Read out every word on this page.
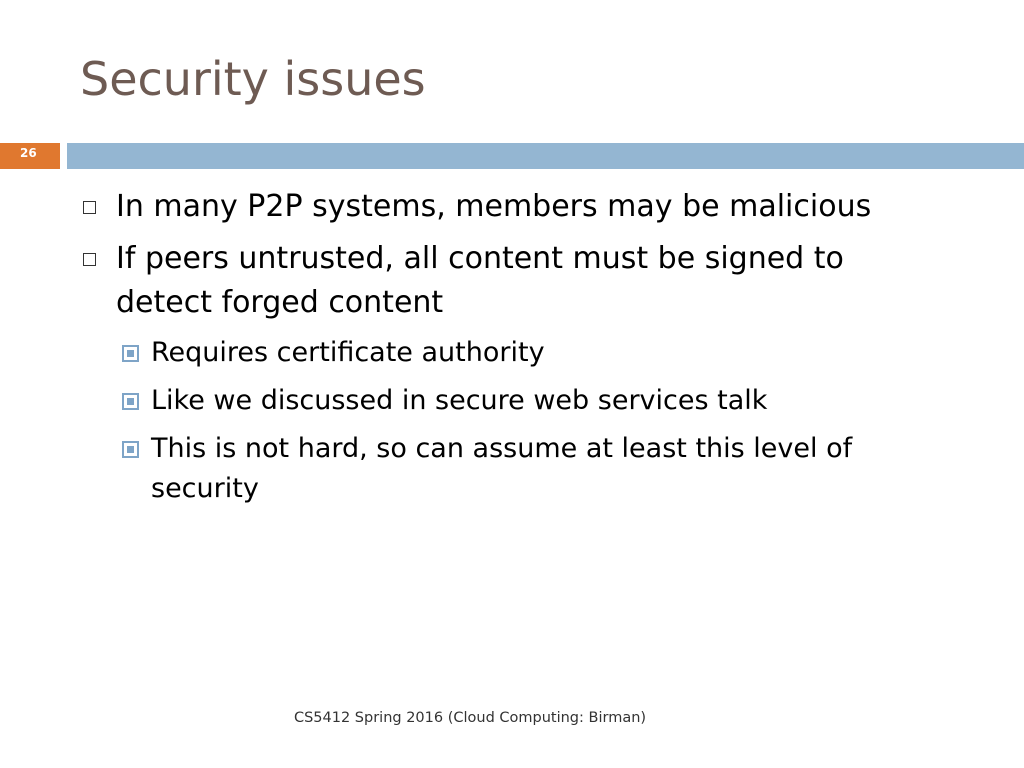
Security issues
26
In many P2P systems, members may be malicious
If peers untrusted, all content must be signed to detect forged content
Requires certificate authority
Like we discussed in secure web services talk
This is not hard, so can assume at least this level of security
CS5412 Spring 2016 (Cloud Computing: Birman)
